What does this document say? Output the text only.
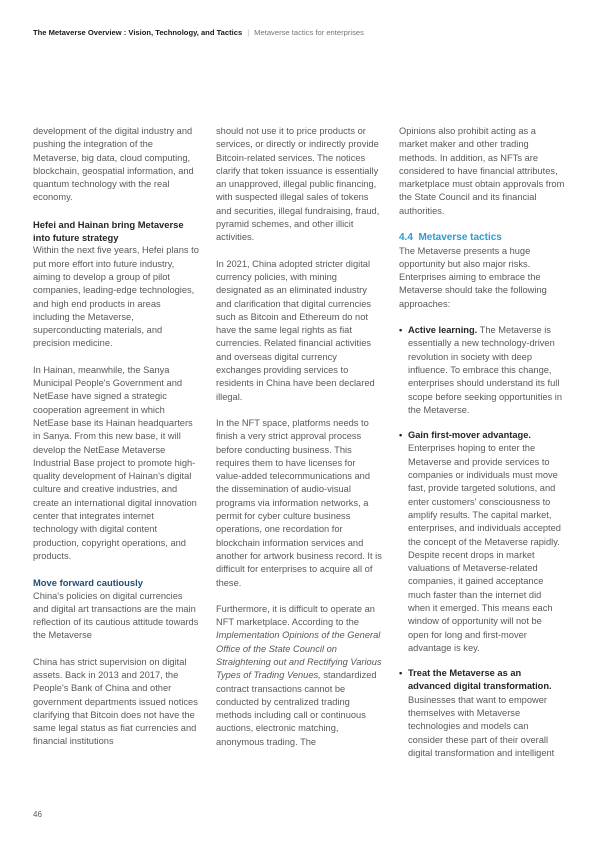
The Metaverse Overview : Vision, Technology, and Tactics | Metaverse tactics for enterprises

development of the digital industry and pushing the integration of the Metaverse, big data, cloud computing, blockchain, geospatial information, and quantum technology with the real economy.

Hefei and Hainan bring Metaverse into future strategy

Within the next five years, Hefei plans to put more effort into future industry, aiming to develop a group of pilot companies, leading-edge technologies, and high end products in areas including the Metaverse, superconducting materials, and precision medicine.

In Hainan, meanwhile, the Sanya Municipal People's Government and NetEase have signed a strategic cooperation agreement in which NetEase base its Hainan headquarters in Sanya. From this new base, it will develop the NetEase Metaverse Industrial Base project to promote high-quality development of Hainan's digital culture and creative industries, and create an international digital innovation center that integrates internet technology with digital content production, copyright operations, and products.

Move forward cautiously

China's policies on digital currencies and digital art transactions are the main reflection of its cautious attitude towards the Metaverse

China has strict supervision on digital assets. Back in 2013 and 2017, the People's Bank of China and other government departments issued notices clarifying that Bitcoin does not have the same legal status as fiat currencies and financial institutions

should not use it to price products or services, or directly or indirectly provide Bitcoin-related services. The notices clarify that token issuance is essentially an unapproved, illegal public financing, with suspected illegal sales of tokens and securities, illegal fundraising, fraud, pyramid schemes, and other illicit activities.

In 2021, China adopted stricter digital currency policies, with mining designated as an eliminated industry and clarification that digital currencies such as Bitcoin and Ethereum do not have the same legal rights as fiat currencies. Related financial activities and overseas digital currency exchanges providing services to residents in China have been declared illegal.

In the NFT space, platforms needs to finish a very strict approval process before conducting business. This requires them to have licenses for value-added telecommunications and the dissemination of audio-visual programs via information networks, a permit for cyber culture business operations, one recordation for blockchain information services and another for artwork business record. It is difficult for enterprises to acquire all of these.

Furthermore, it is difficult to operate an NFT marketplace. According to the Implementation Opinions of the General Office of the State Council on Straightening out and Rectifying Various Types of Trading Venues, standardized contract transactions cannot be conducted by centralized trading methods including call or continuous auctions, electronic matching, anonymous trading. The

Opinions also prohibit acting as a market maker and other trading methods. In addition, as NFTs are considered to have financial attributes, marketplace must obtain approvals from the State Council and its financial authorities.

4.4  Metaverse tactics

The Metaverse presents a huge opportunity but also major risks. Enterprises aiming to embrace the Metaverse should take the following approaches:

• Active learning. The Metaverse is essentially a new technology-driven revolution in society with deep influence. To embrace this change, enterprises should understand its full scope before seeking opportunities in the Metaverse.
• Gain first-mover advantage. Enterprises hoping to enter the Metaverse and provide services to companies or individuals must move fast, provide targeted solutions, and enter customers' consciousness to amplify results. The capital market, enterprises, and individuals accepted the concept of the Metaverse rapidly. Despite recent drops in market valuations of Metaverse-related companies, it gained acceptance much faster than the internet did when it emerged. This means each window of opportunity will not be open for long and first-mover advantage is key.
• Treat the Metaverse as an advanced digital transformation. Businesses that want to empower themselves with Metaverse technologies and models can consider these part of their overall digital transformation and intelligent
46
